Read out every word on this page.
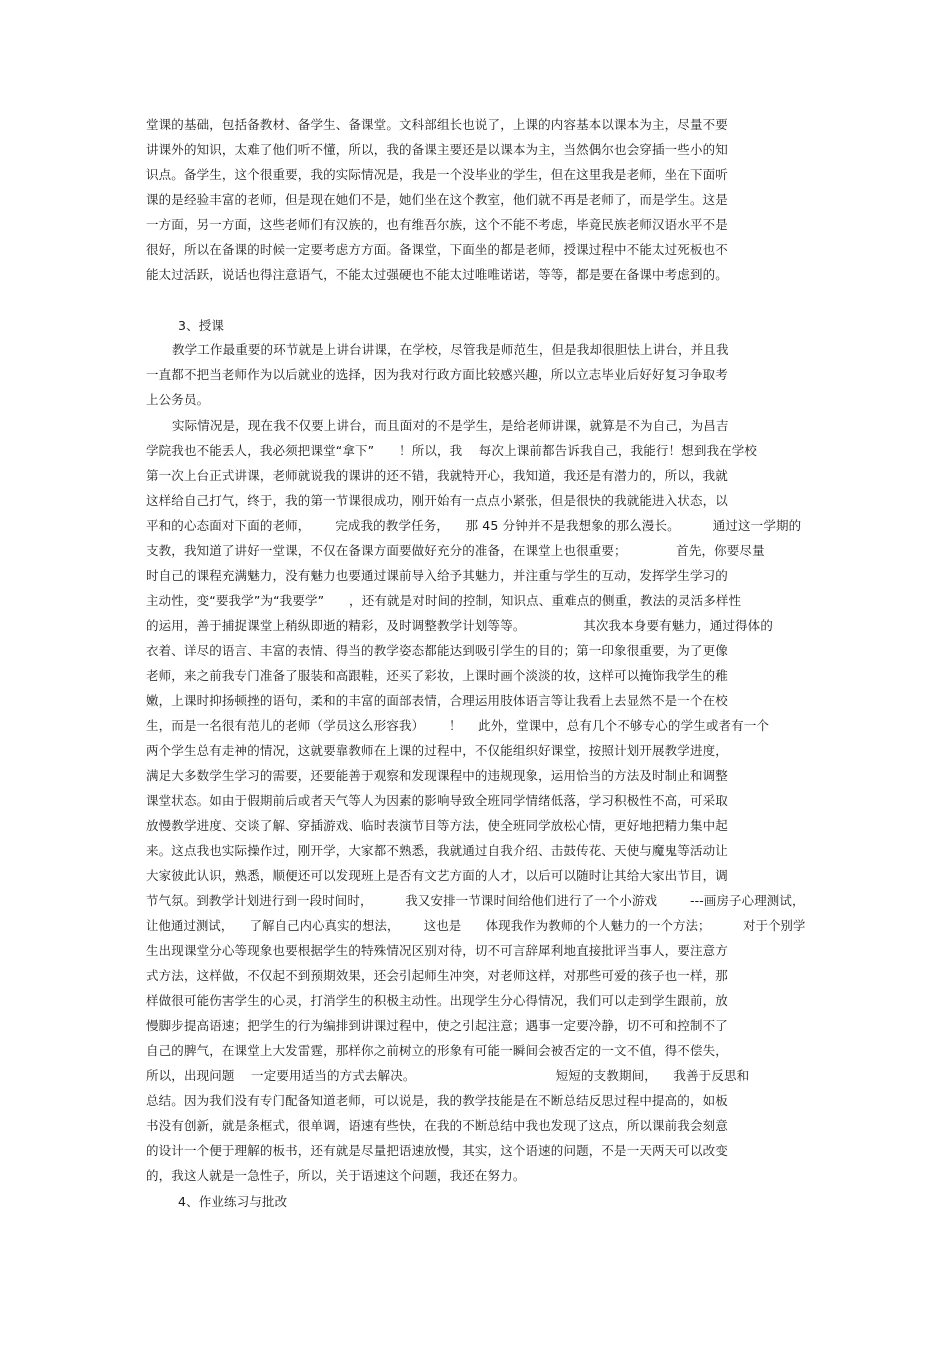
堂课的基础，包括备教材、备学生、备课堂。文科部组长也说了，上课的内容基本以课本为主，尽量不要
讲课外的知识，太难了他们听不懂，所以，我的备课主要还是以课本为主，当然偶尔也会穿插一些小的知
识点。备学生，这个很重要，我的实际情况是，我是一个没毕业的学生，但在这里我是老师，坐在下面听
课的是经验丰富的老师，但是现在她们不是，她们坐在这个教室，他们就不再是老师了，而是学生。这是
一方面，另一方面，这些老师们有汉族的，也有维吾尔族，这个不能不考虑，毕竟民族老师汉语水平不是
很好，所以在备课的时候一定要考虑方方面。备课堂，下面坐的都是老师，授课过程中不能太过死板也不
能太过活跃，说话也得注意语气，不能太过强硬也不能太过唯唯诺诺，等等，都是要在备课中考虑到的。
3、授课
教学工作最重要的环节就是上讲台讲课，在学校，尽管我是师范生，但是我却很胆怯上讲台，并且我
一直都不把当老师作为以后就业的选择，因为我对行政方面比较感兴趣，所以立志毕业后好好复习争取考
上公务员。
实际情况是，现在我不仅要上讲台，而且面对的不是学生，是给老师讲课，就算是不为自己，为昌吉
学院我也不能丢人，我必须把课堂“拿下”      ！所以，我    每次上课前都告诉我自己，我能行！想到我在学校
第一次上台正式讲课，老师就说我的课讲的还不错，我就特开心，我知道，我还是有潜力的，所以，我就
这样给自己打气，终于，我的第一节课很成功，刚开始有一点点小紧张，但是很快的我就能进入状态，以
平和的心态面对下面的老师，      完成我的教学任务，    那 45 分钟并不是我想象的那么漫长。        通过这一学期的
支教，我知道了讲好一堂课，不仅在备课方面要做好充分的准备，在课堂上也很重要；            首先，你要尽量
时自己的课程充满魅力，没有魅力也要通过课前导入给予其魅力，并注重与学生的互动，发挥学生学习的
主动性，变“要我学”为“我要学”      ，还有就是对时间的控制，知识点、重难点的侧重，教法的灵活多样性
的运用，善于捕捉课堂上稍纵即逝的精彩，及时调整教学计划等等。              其次我本身要有魅力，通过得体的
衣着、详尽的语言、丰富的表情、得当的教学姿态都能达到吸引学生的目的；第一印象很重要，为了更像
老师，来之前我专门准备了服装和高跟鞋，还买了彩妆，上课时画个淡淡的妆，这样可以掩饰我学生的稚
嫩，上课时抑扬顿挫的语句，柔和的丰富的面部表情，合理运用肢体语言等让我看上去显然不是一个在校
生，而是一名很有范儿的老师（学员这么形容我）      ！    此外，堂课中，总有几个不够专心的学生或者有一个
两个学生总有走神的情况，这就要靠教师在上课的过程中，不仅能组织好课堂，按照计划开展教学进度，
满足大多数学生学习的需要，还要能善于观察和发现课程中的违规现象，运用恰当的方法及时制止和调整
课堂状态。如由于假期前后或者天气等人为因素的影响导致全班同学情绪低落，学习积极性不高，可采取
放慢教学进度、交谈了解、穿插游戏、临时表演节目等方法，使全班同学放松心情，更好地把精力集中起
来。这点我也实际操作过，刚开学，大家都不熟悉，我就通过自我介绍、击鼓传花、天使与魔鬼等活动让
大家彼此认识，熟悉，顺便还可以发现班上是否有文艺方面的人才，以后可以随时让其给大家出节目，调
节气氛。到教学计划进行到一段时间时，        我又安排一节课时间给他们进行了一个小游戏        ---画房子心理测试，
让他通过测试，    了解自己内心真实的想法，      这也是      体现我作为教师的个人魅力的一个方法；        对于个别学
生出现课堂分心等现象也要根据学生的特殊情况区别对待，切不可言辞犀利地直接批评当事人，要注意方
式方法，这样做，不仅起不到预期效果，还会引起师生冲突，对老师这样，对那些可爱的孩子也一样，那
样做很可能伤害学生的心灵，打消学生的积极主动性。出现学生分心得情况，我们可以走到学生跟前，放
慢脚步提高语速；把学生的行为编排到讲课过程中，使之引起注意；遇事一定要冷静，切不可和控制不了
自己的脾气，在课堂上大发雷霆，那样你之前树立的形象有可能一瞬间会被否定的一文不值，得不偿失，
所以，出现问题    一定要用适当的方式去解决。                                  短短的支教期间，    我善于反思和
总结。因为我们没有专门配备知道老师，可以说是，我的教学技能是在不断总结反思过程中提高的，如板
书没有创新，就是条框式，很单调，语速有些快，在我的不断总结中我也发现了这点，所以课前我会刻意
的设计一个便于理解的板书，还有就是尽量把语速放慢，其实，这个语速的问题，不是一天两天可以改变
的，我这人就是一急性子，所以，关于语速这个问题，我还在努力。
4、作业练习与批改
